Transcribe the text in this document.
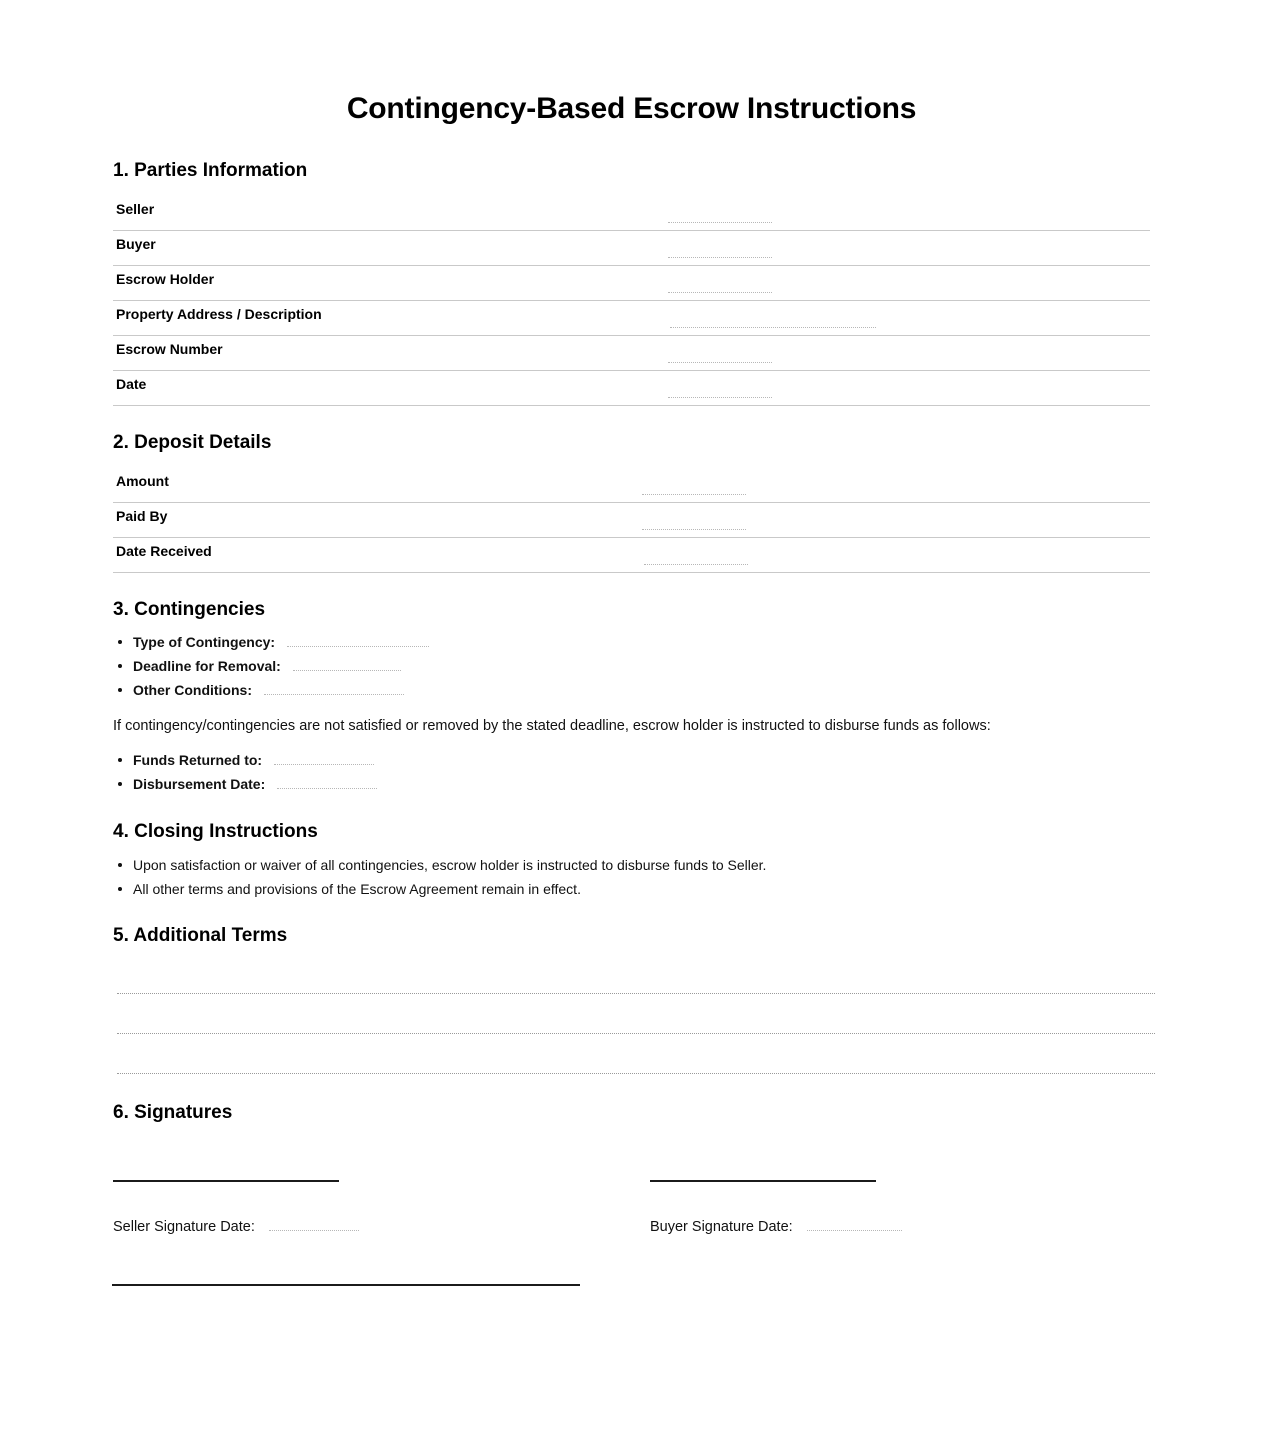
Contingency-Based Escrow Instructions
1. Parties Information
Seller
Buyer
Escrow Holder
Property Address / Description
Escrow Number
Date
2. Deposit Details
Amount
Paid By
Date Received
3. Contingencies
Type of Contingency:
Deadline for Removal:
Other Conditions:
If contingency/contingencies are not satisfied or removed by the stated deadline, escrow holder is instructed to disburse funds as follows:
Funds Returned to:
Disbursement Date:
4. Closing Instructions
Upon satisfaction or waiver of all contingencies, escrow holder is instructed to disburse funds to Seller.
All other terms and provisions of the Escrow Agreement remain in effect.
5. Additional Terms
6. Signatures
Seller Signature Date:	Buyer Signature Date:
